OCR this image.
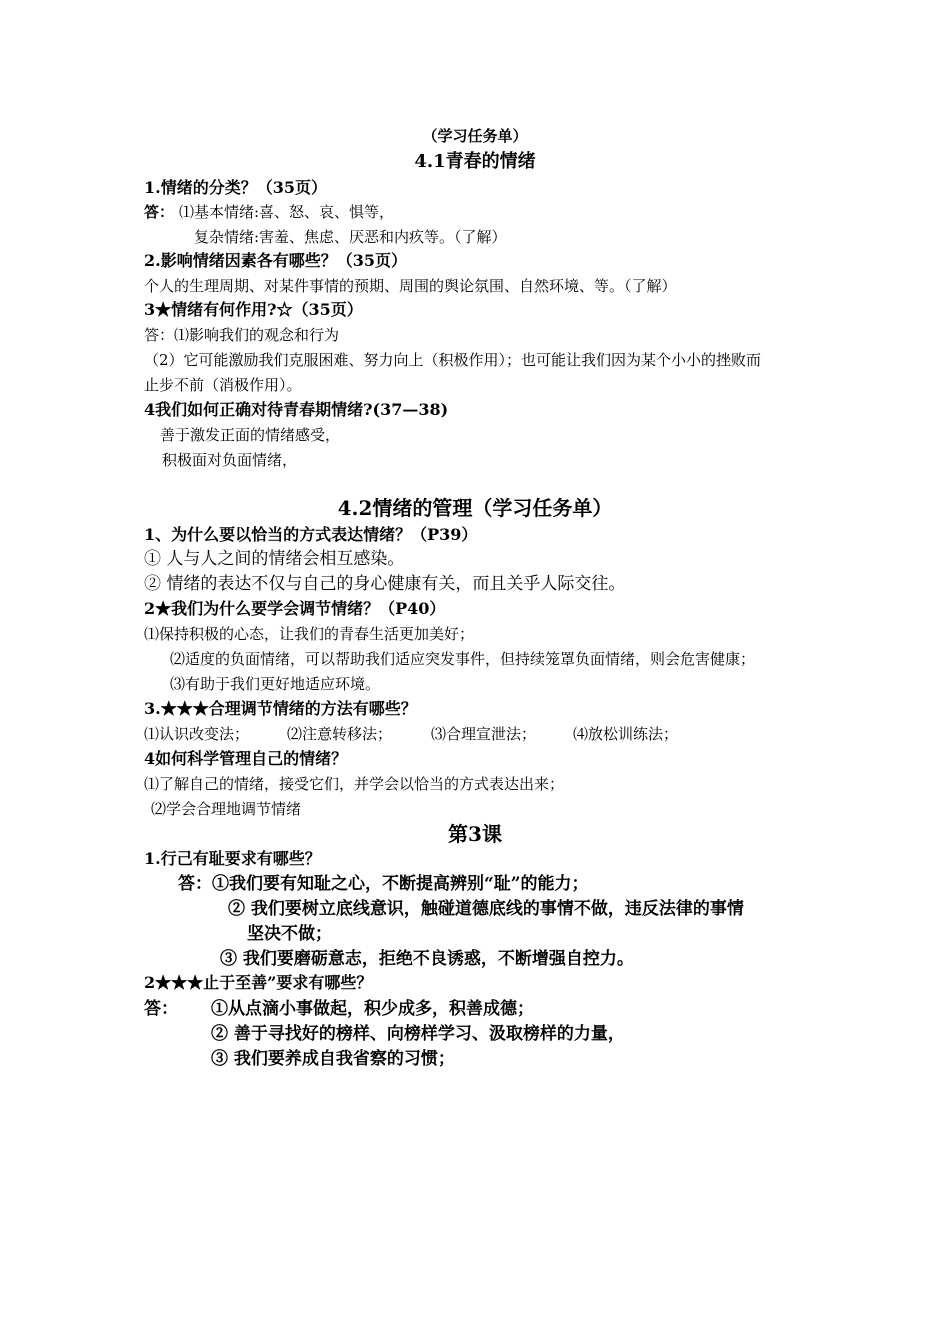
（学习任务单）
4.1青春的情绪
1.情绪的分类？（35页）
答： ⑴基本情绪:喜、怒、哀、惧等，
复杂情绪:害羞、焦虑、厌恶和内疚等。（了解）
2.影响情绪因素各有哪些？（35页）
个人的生理周期、对某件事情的预期、周围的舆论氛围、自然环境、等。（了解）
3★情绪有何作用?☆（35页）
答：⑴影响我们的观念和行为
（2）它可能激励我们克服困难、努力向上（积极作用）；也可能让我们因为某个小小的挫败而
止步不前（消极作用）。
4我们如何正确对待青春期情绪?(37—38)
善于激发正面的情绪感受，
积极面对负面情绪，
4.2情绪的管理（学习任务单）
1、为什么要以恰当的方式表达情绪？（P39）
① 人与人之间的情绪会相互感染。
② 情绪的表达不仅与自己的身心健康有关，而且关乎人际交往。
2★我们为什么要学会调节情绪？（P40）
⑴保持积极的心态，让我们的青春生活更加美好；
⑵适度的负面情绪，可以帮助我们适应突发事件，但持续笼罩负面情绪，则会危害健康；
⑶有助于我们更好地适应环境。
3.★★★合理调节情绪的方法有哪些？
⑴认识改变法；	⑵注意转移法；	⑶合理宣泄法； ⑷放松训练法；
4如何科学管理自己的情绪？
⑴了解自己的情绪，接受它们，并学会以恰当的方式表达出来；
⑵学会合理地调节情绪
第3课
1.行己有耻要求有哪些？
答：①我们要有知耻之心，不断提高辨别“耻”的能力；
② 我们要树立底线意识，触碰道德底线的事情不做，违反法律的事情
坚决不做；
③ 我们要磨砺意志，拒绝不良诱惑，不断增强自控力。
2★★★止于至善”要求有哪些？
答： ①从点滴小事做起，积少成多，积善成德；
② 善于寻找好的榜样、向榜样学习、汲取榜样的力量，
③ 我们要养成自我省察的习惯；
